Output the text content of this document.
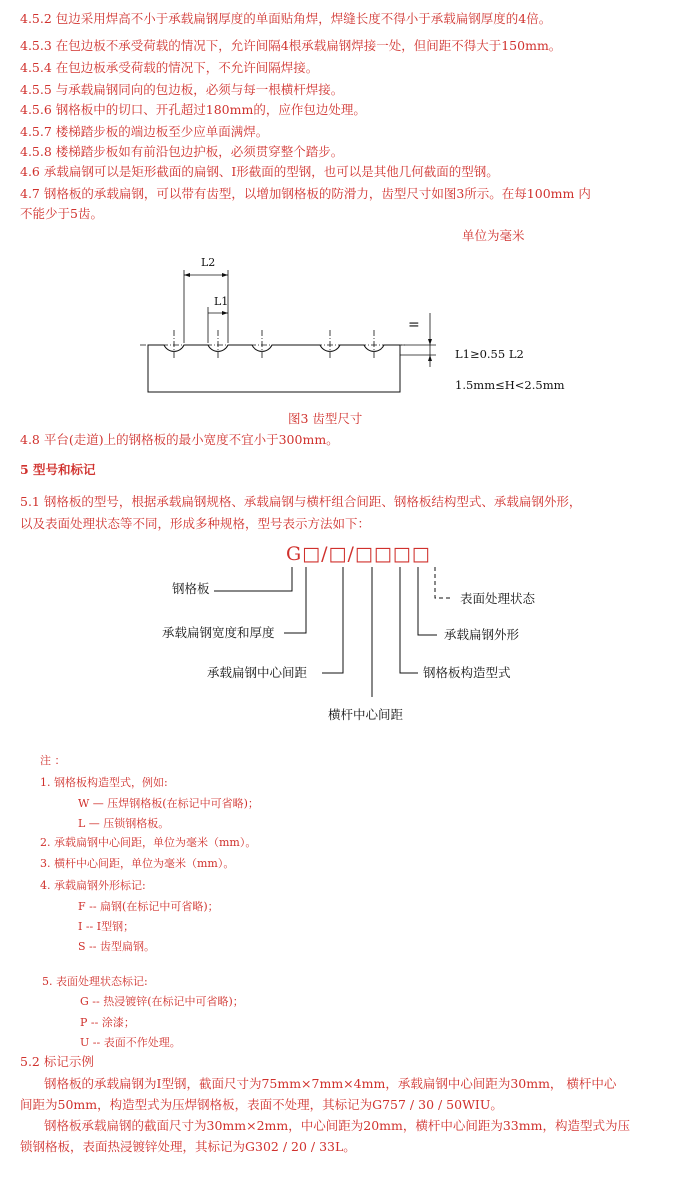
4.5.2 包边采用焊高不小于承载扁钢厚度的单面贴角焊，焊缝长度不得小于承载扁钢厚度的4倍。
4.5.3 在包边板不承受荷载的情况下，允许间隔4根承载扁钢焊接一处，但间距不得大于150mm。
4.5.4 在包边板承受荷载的情况下，不允许间隔焊接。
4.5.5 与承载扁钢同向的包边板，必须与每一根横杆焊接。
4.5.6 钢格板中的切口、开孔超过180mm的，应作包边处理。
4.5.7 楼梯踏步板的端边板至少应单面满焊。
4.5.8 楼梯踏步板如有前沿包边护板，必须贯穿整个踏步。
4.6 承载扁钢可以是矩形截面的扁钢、I形截面的型钢，也可以是其他几何截面的型钢。
4.7 钢格板的承载扁钢，可以带有齿型，以增加钢格板的防滑力，齿型尺寸如图3所示。在每100mm 内
不能少于5齿。
单位为毫米
L2
L1
=
L1≥0.55 L2
1.5mm≤H<2.5mm
图3 齿型尺寸
4.8 平台(走道)上的钢格板的最小宽度不宜小于300mm。
5 型号和标记
5.1 钢格板的型号，根据承载扁钢规格、承载扁钢与横杆组合间距、钢格板结构型式、承载扁钢外形，
以及表面处理状态等不同，形成多种规格，型号表示方法如下：
G□/□/□□□□
钢格板
承载扁钢宽度和厚度
承载扁钢中心间距
横杆中心间距
表面处理状态
承载扁钢外形
钢格板构造型式
注 ：
1. 钢格板构造型式，例如:
W — 压焊钢格板(在标记中可省略)；
L — 压锁钢格板。
2. 承载扁钢中心间距，单位为毫米（mm）。
3. 横杆中心间距，单位为毫米（mm）。
4. 承载扁钢外形标记:
F -- 扁钢(在标记中可省略)；
I -- I型钢；
S -- 齿型扁钢。
5. 表面处理状态标记:
G -- 热浸镀锌(在标记中可省略)；
P -- 涂漆；
U -- 表面不作处理。
5.2 标记示例
钢格板的承载扁钢为I型钢，截面尺寸为75mm×7mm×4mm，承载扁钢中心间距为30mm， 横杆中心
间距为50mm，构造型式为压焊钢格板，表面不处理，其标记为G757 / 30 / 50WIU。
钢格板承载扁钢的截面尺寸为30mm×2mm，中心间距为20mm，横杆中心间距为33mm，构造型式为压
锁钢格板，表面热浸镀锌处理，其标记为G302 / 20 / 33L。
